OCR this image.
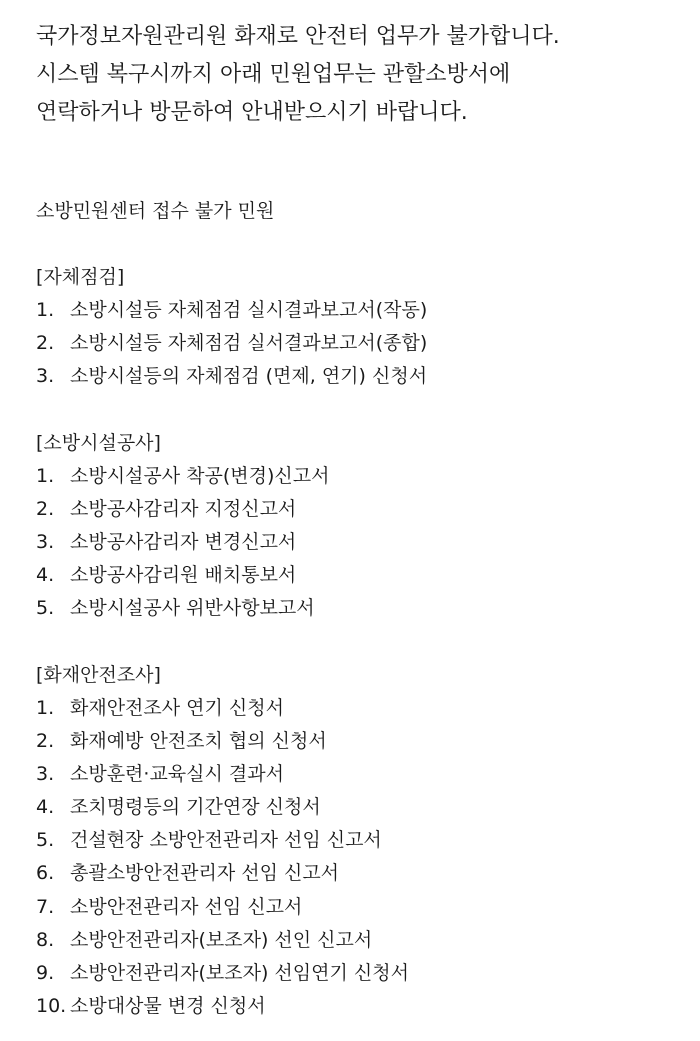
국가정보자원관리원 화재로 안전터 업무가 불가합니다.

시스템 복구시까지 아래 민원업무는 관할소방서에

연락하거나 방문하여 안내받으시기 바랍니다.

소방민원센터 접수 불가 민원

[자체점검]

1. 소방시설등 자체점검 실시결과보고서(작동)
2. 소방시설등 자체점검 실서결과보고서(종합)
3. 소방시설등의 자체점검 (면제, 연기) 신청서

[소방시설공사]

1. 소방시설공사 착공(변경)신고서
2. 소방공사감리자 지정신고서
3. 소방공사감리자 변경신고서
4. 소방공사감리원 배치통보서
5. 소방시설공사 위반사항보고서

[화재안전조사]

1. 화재안전조사 연기 신청서
2. 화재예방 안전조치 협의 신청서
3. 소방훈련·교육실시 결과서
4. 조치명령등의 기간연장 신청서
5. 건설현장 소방안전관리자 선임 신고서
6. 총괄소방안전관리자 선임 신고서
7. 소방안전관리자 선임 신고서
8. 소방안전관리자(보조자) 선인 신고서
9. 소방안전관리자(보조자) 선임연기 신청서
10. 소방대상물 변경 신청서
